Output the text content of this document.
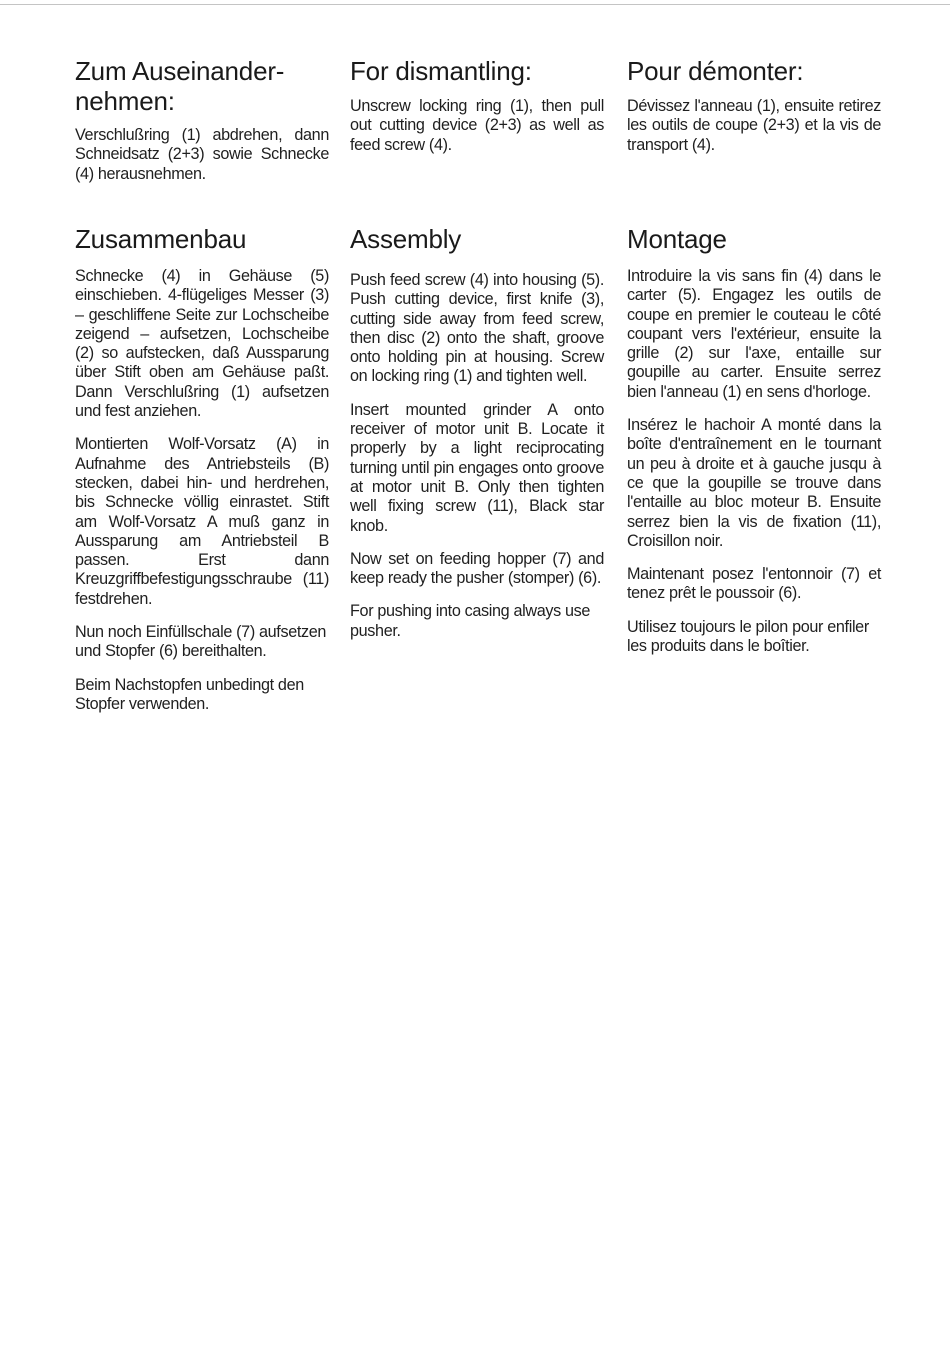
Zum Auseinander-nehmen:

Verschlußring (1) abdrehen, dann Schneidsatz (2+3) sowie Schnecke (4) herausnehmen.

Zusammenbau

Schnecke (4) in Gehäuse (5) einschieben. 4-flügeliges Messer (3) – geschliffene Seite zur Lochscheibe zeigend – aufsetzen, Lochscheibe (2) so aufstecken, daß Aussparung über Stift oben am Gehäuse paßt. Dann Verschlußring (1) aufsetzen und fest anziehen.

Montierten Wolf-Vorsatz (A) in Aufnahme des Antriebsteils (B) stecken, dabei hin- und herdrehen, bis Schnecke völlig einrastet. Stift am Wolf-Vorsatz A muß ganz in Aussparung am Antriebsteil B passen. Erst dann Kreuzgriffbefestigungsschraube (11) festdrehen.

Nun noch Einfüllschale (7) aufsetzen und Stopfer (6) bereithalten.

Beim Nachstopfen unbedingt den Stopfer verwenden.

For dismantling:

Unscrew locking ring (1), then pull out cutting device (2+3) as well as feed screw (4).

Assembly

Push feed screw (4) into housing (5). Push cutting device, first knife (3), cutting side away from feed screw, then disc (2) onto the shaft, groove onto holding pin at housing. Screw on locking ring (1) and tighten well.

Insert mounted grinder A onto receiver of motor unit B. Locate it properly by a light reciprocating turning until pin engages onto groove at motor unit B. Only then tighten well fixing screw (11), Black star knob.

Now set on feeding hopper (7) and keep ready the pusher (stomper) (6).

For pushing into casing always use pusher.

Pour démonter:

Dévissez l'anneau (1), ensuite retirez les outils de coupe (2+3) et la vis de transport (4).

Montage

Introduire la vis sans fin (4) dans le carter (5). Engagez les outils de coupe en premier le couteau le côté coupant vers l'extérieur, ensuite la grille (2) sur l'axe, entaille sur goupille au carter. Ensuite serrez bien l'anneau (1) en sens d'horloge.

Insérez le hachoir A monté dans la boîte d'entraînement en le tournant un peu à droite et à gauche jusqu à ce que la goupille se trouve dans l'entaille au bloc moteur B. Ensuite serrez bien la vis de fixation (11), Croisillon noir.

Maintenant posez l'entonnoir (7) et tenez prêt le poussoir (6).

Utilisez toujours le pilon pour enfiler les produits dans le boîtier.
